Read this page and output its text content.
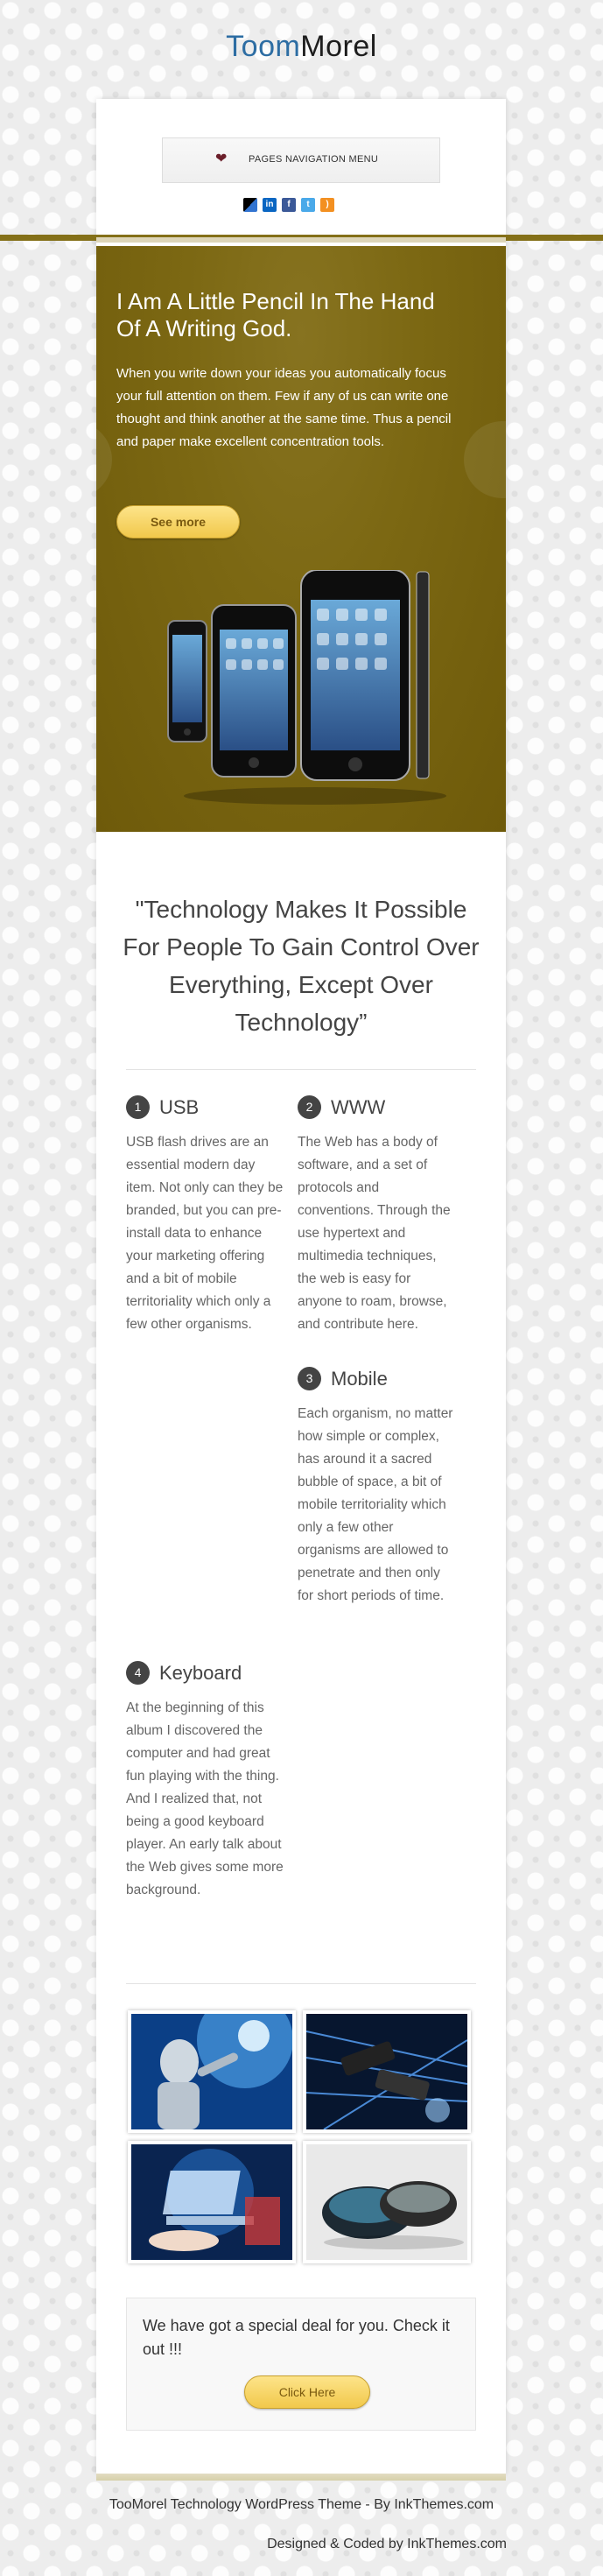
ToomMorel
❤ PAGES NAVIGATION MENU
in	f	t	)
I Am A Little Pencil In The Hand Of A Writing God.

When you write down your ideas you automatically focus your full attention on them. Few if any of us can write one thought and think another at the same time. Thus a pencil and paper make excellent concentration tools.

See more
"Technology Makes It Possible For People To Gain Control Over Everything, Except Over Technology”
1 USB
USB flash drives are an essential modern day item. Not only can they be branded, but you can pre-install data to enhance your marketing offering and a bit of mobile territoriality which only a few other organisms.
2 WWW
The Web has a body of software, and a set of protocols and conventions. Through the use hypertext and multimedia techniques, the web is easy for anyone to roam, browse, and contribute here.
3 Mobile
Each organism, no matter how simple or complex, has around it a sacred bubble of space, a bit of mobile territoriality which only a few other organisms are allowed to penetrate and then only for short periods of time.
4 Keyboard
At the beginning of this album I discovered the computer and had great fun playing with the thing. And I realized that, not being a good keyboard player. An early talk about the Web gives some more background.

We have got a special deal for you. Check it out !!!

Click Here
TooMorel Technology WordPress Theme - By InkThemes.com
Designed & Coded by InkThemes.com
